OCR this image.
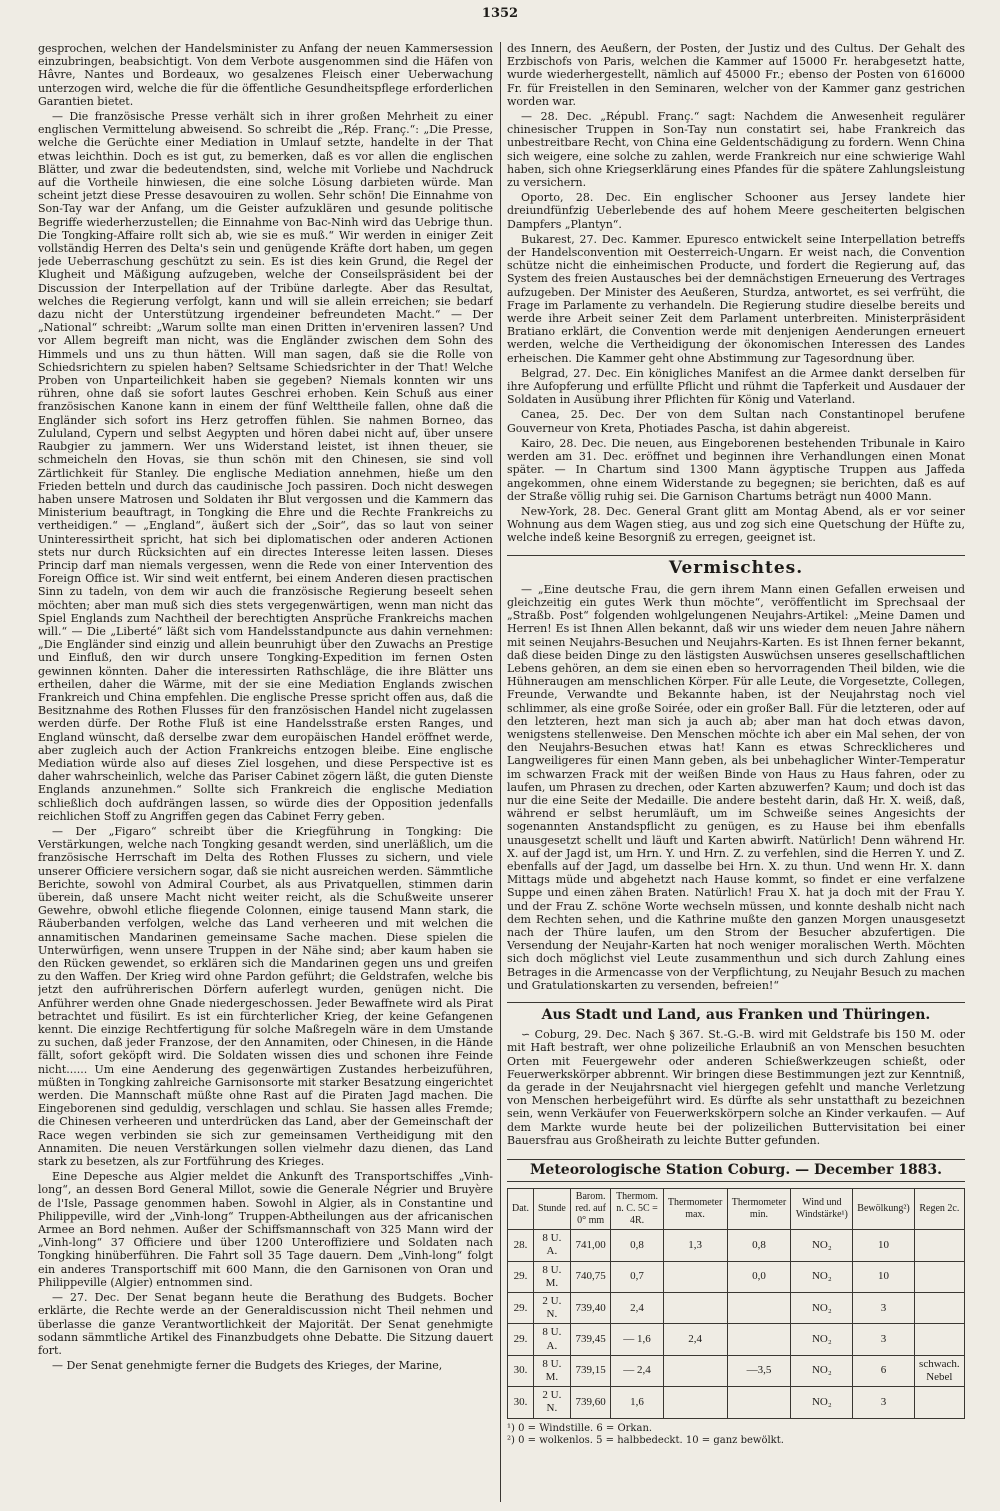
1352

gesprochen, welchen der Handelsminister zu Anfang der neuen Kammersession einzubringen, beabsichtigt. Von dem Verbote ausgenommen sind die Häfen von Hâvre, Nantes und Bordeaux, wo gesalzenes Fleisch einer Ueberwachung unterzogen wird, welche die für die öffentliche Gesundheitspflege erforderlichen Garantien bietet.

— Die französische Presse verhält sich in ihrer großen Mehrheit zu einer englischen Vermittelung abweisend. So schreibt die „Rép. Franç.“: „Die Presse, welche die Gerüchte einer Mediation in Umlauf setzte, handelte in der That etwas leichthin. Doch es ist gut, zu bemerken, daß es vor allen die englischen Blätter, und zwar die bedeutendsten, sind, welche mit Vorliebe und Nachdruck auf die Vortheile hinwiesen, die eine solche Lösung darbieten würde. Man scheint jetzt diese Presse desavouiren zu wollen. Sehr schön! Die Einnahme von Son-Tay war der Anfang, um die Geister aufzuklären und gesunde politische Begriffe wiederherzustellen; die Einnahme von Bac-Ninh wird das Uebrige thun. Die Tongking-Affaire rollt sich ab, wie sie es muß.“ Wir werden in einiger Zeit vollständig Herren des Delta's sein und genügende Kräfte dort haben, um gegen jede Ueberraschung geschützt zu sein. Es ist dies kein Grund, die Regel der Klugheit und Mäßigung aufzugeben, welche der Conseilspräsident bei der Discussion der Interpellation auf der Tribüne darlegte. Aber das Resultat, welches die Regierung verfolgt, kann und will sie allein erreichen; sie bedarf dazu nicht der Unterstützung irgendeiner befreundeten Macht.“ — Der „National“ schreibt: „Warum sollte man einen Dritten in'erveniren lassen? Und vor Allem begreift man nicht, was die Engländer zwischen dem Sohn des Himmels und uns zu thun hätten. Will man sagen, daß sie die Rolle von Schiedsrichtern zu spielen haben? Seltsame Schiedsrichter in der That! Welche Proben von Unparteilichkeit haben sie gegeben? Niemals konnten wir uns rühren, ohne daß sie sofort lautes Geschrei erhoben. Kein Schuß aus einer französischen Kanone kann in einem der fünf Welttheile fallen, ohne daß die Engländer sich sofort ins Herz getroffen fühlen. Sie nahmen Borneo, das Zululand, Cypern und selbst Aegypten und hören dabei nicht auf, über unsere Raubgier zu jammern. Wer uns Widerstand leistet, ist ihnen theuer, sie schmeicheln den Hovas, sie thun schön mit den Chinesen, sie sind voll Zärtlichkeit für Stanley. Die englische Mediation annehmen, hieße um den Frieden betteln und durch das caudinische Joch passiren. Doch nicht deswegen haben unsere Matrosen und Soldaten ihr Blut vergossen und die Kammern das Ministerium beauftragt, in Tongking die Ehre und die Rechte Frankreichs zu vertheidigen.“ — „England“, äußert sich der „Soir“, das so laut von seiner Uninteressirtheit spricht, hat sich bei diplomatischen oder anderen Actionen stets nur durch Rücksichten auf ein directes Interesse leiten lassen. Dieses Princip darf man niemals vergessen, wenn die Rede von einer Intervention des Foreign Office ist. Wir sind weit entfernt, bei einem Anderen diesen practischen Sinn zu tadeln, von dem wir auch die französische Regierung beseelt sehen möchten; aber man muß sich dies stets vergegenwärtigen, wenn man nicht das Spiel Englands zum Nachtheil der berechtigten Ansprüche Frankreichs machen will.“ — Die „Liberté“ läßt sich vom Handelsstandpuncte aus dahin vernehmen: „Die Engländer sind einzig und allein beunruhigt über den Zuwachs an Prestige und Einfluß, den wir durch unsere Tongking-Expedition im fernen Osten gewinnen könnten. Daher die interessirten Rathschläge, die ihre Blätter uns ertheilen, daher die Wärme, mit der sie eine Mediation Englands zwischen Frankreich und China empfehlen. Die englische Presse spricht offen aus, daß die Besitznahme des Rothen Flusses für den französischen Handel nicht zugelassen werden dürfe. Der Rothe Fluß ist eine Handelsstraße ersten Ranges, und England wünscht, daß derselbe zwar dem europäischen Handel eröffnet werde, aber zugleich auch der Action Frankreichs entzogen bleibe. Eine englische Mediation würde also auf dieses Ziel losgehen, und diese Perspective ist es daher wahrscheinlich, welche das Pariser Cabinet zögern läßt, die guten Dienste Englands anzunehmen.“ Sollte sich Frankreich die englische Mediation schließlich doch aufdrängen lassen, so würde dies der Opposition jedenfalls reichlichen Stoff zu Angriffen gegen das Cabinet Ferry geben.

— Der „Figaro“ schreibt über die Kriegführung in Tongking: Die Verstärkungen, welche nach Tongking gesandt werden, sind unerläßlich, um die französische Herrschaft im Delta des Rothen Flusses zu sichern, und viele unserer Officiere versichern sogar, daß sie nicht ausreichen werden. Sämmtliche Berichte, sowohl von Admiral Courbet, als aus Privatquellen, stimmen darin überein, daß unsere Macht nicht weiter reicht, als die Schußweite unserer Gewehre, obwohl etliche fliegende Colonnen, einige tausend Mann stark, die Räuberbanden verfolgen, welche das Land verheeren und mit welchen die annamitischen Mandarinen gemeinsame Sache machen. Diese spielen die Unterwürfigen, wenn unsere Truppen in der Nähe sind; aber kaum haben sie den Rücken gewendet, so erklären sich die Mandarinen gegen uns und greifen zu den Waffen. Der Krieg wird ohne Pardon geführt; die Geldstrafen, welche bis jetzt den aufrührerischen Dörfern auferlegt wurden, genügen nicht. Die Anführer werden ohne Gnade niedergeschossen. Jeder Bewaffnete wird als Pirat betrachtet und füsilirt. Es ist ein fürchterlicher Krieg, der keine Gefangenen kennt. Die einzige Rechtfertigung für solche Maßregeln wäre in dem Umstande zu suchen, daß jeder Franzose, der den Annamiten, oder Chinesen, in die Hände fällt, sofort geköpft wird. Die Soldaten wissen dies und schonen ihre Feinde nicht...... Um eine Aenderung des gegenwärtigen Zustandes herbeizuführen, müßten in Tongking zahlreiche Garnisonsorte mit starker Besatzung eingerichtet werden. Die Mannschaft müßte ohne Rast auf die Piraten Jagd machen. Die Eingeborenen sind geduldig, verschlagen und schlau. Sie hassen alles Fremde; die Chinesen verheeren und unterdrücken das Land, aber der Gemeinschaft der Race wegen verbinden sie sich zur gemeinsamen Vertheidigung mit den Annamiten. Die neuen Verstärkungen sollen vielmehr dazu dienen, das Land stark zu besetzen, als zur Fortführung des Krieges.

Eine Depesche aus Algier meldet die Ankunft des Transportschiffes „Vinh-long“, an dessen Bord General Millot, sowie die Generale Négrier und Bruyère de l'Isle, Passage genommen haben. Sowohl in Algier, als in Constantine und Philippeville, wird der „Vinh-long“ Truppen-Abtheilungen aus der africanischen Armee an Bord nehmen. Außer der Schiffsmannschaft von 325 Mann wird der „Vinh-long“ 37 Officiere und über 1200 Unteroffiziere und Soldaten nach Tongking hinüberführen. Die Fahrt soll 35 Tage dauern. Dem „Vinh-long“ folgt ein anderes Transportschiff mit 600 Mann, die den Garnisonen von Oran und Philippeville (Algier) entnommen sind.

— 27. Dec. Der Senat begann heute die Berathung des Budgets. Bocher erklärte, die Rechte werde an der Generaldiscussion nicht Theil nehmen und überlasse die ganze Verantwortlichkeit der Majorität. Der Senat genehmigte sodann sämmtliche Artikel des Finanzbudgets ohne Debatte. Die Sitzung dauert fort.

— Der Senat genehmigte ferner die Budgets des Krieges, der Marine,

des Innern, des Aeußern, der Posten, der Justiz und des Cultus. Der Gehalt des Erzbischofs von Paris, welchen die Kammer auf 15000 Fr. herabgesetzt hatte, wurde wiederhergestellt, nämlich auf 45000 Fr.; ebenso der Posten von 616000 Fr. für Freistellen in den Seminaren, welcher von der Kammer ganz gestrichen worden war.

— 28. Dec. „Républ. Franç.“ sagt: Nachdem die Anwesenheit regulärer chinesischer Truppen in Son-Tay nun constatirt sei, habe Frankreich das unbestreitbare Recht, von China eine Geldentschädigung zu fordern. Wenn China sich weigere, eine solche zu zahlen, werde Frankreich nur eine schwierige Wahl haben, sich ohne Kriegserklärung eines Pfandes für die spätere Zahlungsleistung zu versichern.

Oporto, 28. Dec. Ein englischer Schooner aus Jersey landete hier dreiundfünfzig Ueberlebende des auf hohem Meere gescheiterten belgischen Dampfers „Plantyn“.

Bukarest, 27. Dec. Kammer. Epuresco entwickelt seine Interpellation betreffs der Handelsconvention mit Oesterreich-Ungarn. Er weist nach, die Convention schütze nicht die einheimischen Producte, und fordert die Regierung auf, das System des freien Austausches bei der demnächstigen Erneuerung des Vertrages aufzugeben. Der Minister des Aeußeren, Sturdza, antwortet, es sei verfrüht, die Frage im Parlamente zu verhandeln. Die Regierung studire dieselbe bereits und werde ihre Arbeit seiner Zeit dem Parlament unterbreiten. Ministerpräsident Bratiano erklärt, die Convention werde mit denjenigen Aenderungen erneuert werden, welche die Vertheidigung der ökonomischen Interessen des Landes erheischen. Die Kammer geht ohne Abstimmung zur Tagesordnung über.

Belgrad, 27. Dec. Ein königliches Manifest an die Armee dankt derselben für ihre Aufopferung und erfüllte Pflicht und rühmt die Tapferkeit und Ausdauer der Soldaten in Ausübung ihrer Pflichten für König und Vaterland.

Canea, 25. Dec. Der von dem Sultan nach Constantinopel berufene Gouverneur von Kreta, Photiades Pascha, ist dahin abgereist.

Kairo, 28. Dec. Die neuen, aus Eingeborenen bestehenden Tribunale in Kairo werden am 31. Dec. eröffnet und beginnen ihre Verhandlungen einen Monat später. — In Chartum sind 1300 Mann ägyptische Truppen aus Jaffeda angekommen, ohne einem Widerstande zu begegnen; sie berichten, daß es auf der Straße völlig ruhig sei. Die Garnison Chartums beträgt nun 4000 Mann.

New-York, 28. Dec. General Grant glitt am Montag Abend, als er vor seiner Wohnung aus dem Wagen stieg, aus und zog sich eine Quetschung der Hüfte zu, welche indeß keine Besorgniß zu erregen, geeignet ist.

Vermischtes.

— „Eine deutsche Frau, die gern ihrem Mann einen Gefallen erweisen und gleichzeitig ein gutes Werk thun möchte“, veröffentlicht im Sprechsaal der „Straßb. Post“ folgenden wohlgelungenen Neujahrs-Artikel: „Meine Damen und Herren! Es ist Ihnen Allen bekannt, daß wir uns wieder dem neuen Jahre nähern mit seinen Neujahrs-Besuchen und Neujahrs-Karten. Es ist Ihnen ferner bekannt, daß diese beiden Dinge zu den lästigsten Auswüchsen unseres gesellschaftlichen Lebens gehören, an dem sie einen eben so hervorragenden Theil bilden, wie die Hühneraugen am menschlichen Körper. Für alle Leute, die Vorgesetzte, Collegen, Freunde, Verwandte und Bekannte haben, ist der Neujahrstag noch viel schlimmer, als eine große Soirée, oder ein großer Ball. Für die letzteren, oder auf den letzteren, hezt man sich ja auch ab; aber man hat doch etwas davon, wenigstens stellenweise. Den Menschen möchte ich aber ein Mal sehen, der von den Neujahrs-Besuchen etwas hat! Kann es etwas Schrecklicheres und Langweiligeres für einen Mann geben, als bei unbehaglicher Winter-Temperatur im schwarzen Frack mit der weißen Binde von Haus zu Haus fahren, oder zu laufen, um Phrasen zu drechen, oder Karten abzuwerfen? Kaum; und doch ist das nur die eine Seite der Medaille. Die andere besteht darin, daß Hr. X. weiß, daß, während er selbst herumläuft, um im Schweiße seines Angesichts der sogenannten Anstandspflicht zu genügen, es zu Hause bei ihm ebenfalls unausgesetzt schellt und läuft und Karten abwirft. Natürlich! Denn während Hr. X. auf der Jagd ist, um Hrn. Y. und Hrn. Z. zu verfehlen, sind die Herren Y. und Z. ebenfalls auf der Jagd, um dasselbe bei Hrn. X. zu thun. Und wenn Hr. X. dann Mittags müde und abgehetzt nach Hause kommt, so findet er eine verfalzene Suppe und einen zähen Braten. Natürlich! Frau X. hat ja doch mit der Frau Y. und der Frau Z. schöne Worte wechseln müssen, und konnte deshalb nicht nach dem Rechten sehen, und die Kathrine mußte den ganzen Morgen unausgesetzt nach der Thüre laufen, um den Strom der Besucher abzufertigen. Die Versendung der Neujahr-Karten hat noch weniger moralischen Werth. Möchten sich doch möglichst viel Leute zusammenthun und sich durch Zahlung eines Betrages in die Armencasse von der Verpflichtung, zu Neujahr Besuch zu machen und Gratulationskarten zu versenden, befreien!“

Aus Stadt und Land, aus Franken und Thüringen.

∽ Coburg, 29. Dec. Nach § 367. St.-G.-B. wird mit Geldstrafe bis 150 M. oder mit Haft bestraft, wer ohne polizeiliche Erlaubniß an von Menschen besuchten Orten mit Feuergewehr oder anderen Schießwerkzeugen schießt, oder Feuerwerkskörper abbrennt. Wir bringen diese Bestimmungen jezt zur Kenntniß, da gerade in der Neujahrsnacht viel hiergegen gefehlt und manche Verletzung von Menschen herbeigeführt wird. Es dürfte als sehr unstatthaft zu bezeichnen sein, wenn Verkäufer von Feuerwerkskörpern solche an Kinder verkaufen. — Auf dem Markte wurde heute bei der polizeilichen Buttervisitation bei einer Bauersfrau aus Großheirath zu leichte Butter gefunden.

Meteorologische Station Coburg. — December 1883.
Dat.	Stunde	Barom. red. auf 0° mm	Thermom. n. C. 5C = 4R.	Thermometer max.	Thermometer min.	Wind und Windstärke¹)	Bewölkung²)	Regen 2c.
28.	8 U. A.	741,00	0,8	1,3	0,8	NO₂	10	
29.	8 U. M.	740,75	0,7		0,0	NO₂	10	
29.	2 U. N.	739,40	2,4			NO₂	3	
29.	8 U. A.	739,45	— 1,6	2,4		NO₂	3	
30.	8 U. M.	739,15	— 2,4		—3,5	NO₂	6	schwach. Nebel
30.	2 U. N.	739,60	1,6			NO₂	3	
¹) 0 = Windstille. 6 = Orkan.
²) 0 = wolkenlos. 5 = halbbedeckt. 10 = ganz bewölkt.
